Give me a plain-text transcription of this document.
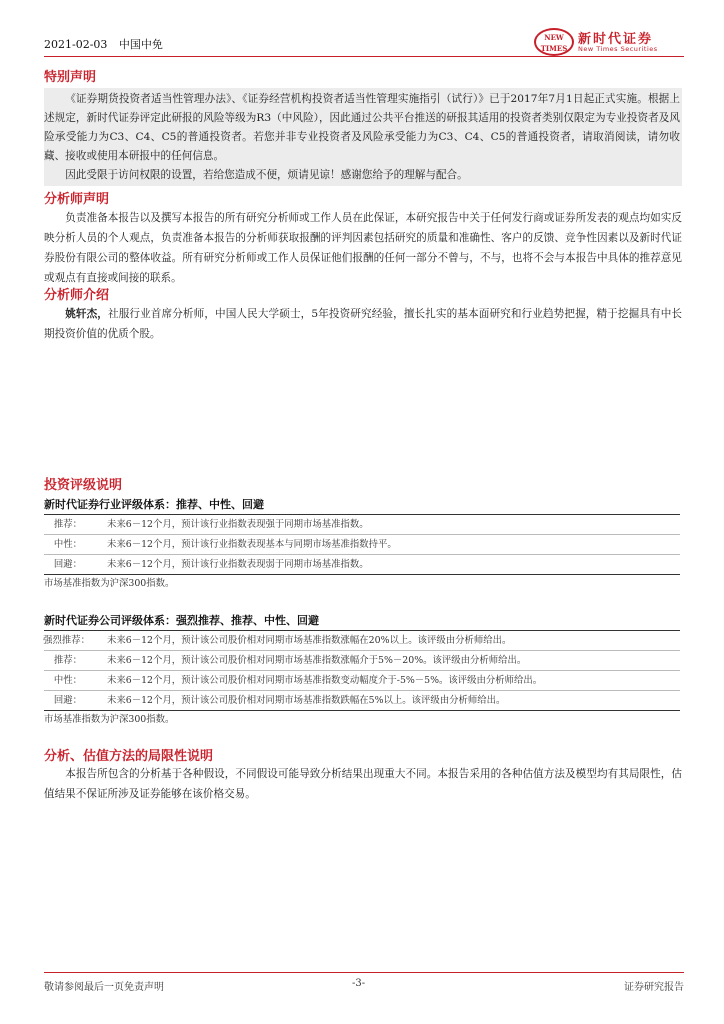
2021-02-03 中国中免
NEW TIMES
新时代证券
New Times Securities
特别声明

《证券期货投资者适当性管理办法》、《证券经营机构投资者适当性管理实施指引（试行）》已于2017年7月1日起正式实施。根据上述规定，新时代证券评定此研报的风险等级为R3（中风险），因此通过公共平台推送的研报其适用的投资者类别仅限定为专业投资者及风险承受能力为C3、C4、C5的普通投资者。若您并非专业投资者及风险承受能力为C3、C4、C5的普通投资者，请取消阅读，请勿收藏、接收或使用本研报中的任何信息。

因此受限于访问权限的设置，若给您造成不便，烦请见谅！感谢您给予的理解与配合。

分析师声明

负责准备本报告以及撰写本报告的所有研究分析师或工作人员在此保证，本研究报告中关于任何发行商或证券所发表的观点均如实反映分析人员的个人观点，负责准备本报告的分析师获取报酬的评判因素包括研究的质量和准确性、客户的反馈、竞争性因素以及新时代证券股份有限公司的整体收益。所有研究分析师或工作人员保证他们报酬的任何一部分不曾与，不与，也将不会与本报告中具体的推荐意见或观点有直接或间接的联系。

分析师介绍

姚轩杰，社服行业首席分析师，中国人民大学硕士，5年投资研究经验，擅长扎实的基本面研究和行业趋势把握，精于挖掘具有中长期投资价值的优质个股。

投资评级说明
新时代证券行业评级体系：推荐、中性、回避
推荐：	未来6－12个月，预计该行业指数表现强于同期市场基准指数。
中性：	未来6－12个月，预计该行业指数表现基本与同期市场基准指数持平。
回避：	未来6－12个月，预计该行业指数表现弱于同期市场基准指数。
市场基准指数为沪深300指数。
新时代证券公司评级体系：强烈推荐、推荐、中性、回避
强烈推荐： 未来6－12个月，预计该公司股价相对同期市场基准指数涨幅在20%以上。该评级由分析师给出。
推荐：	未来6－12个月，预计该公司股价相对同期市场基准指数涨幅介于5%－20%。该评级由分析师给出。
中性：	未来6－12个月，预计该公司股价相对同期市场基准指数变动幅度介于-5%－5%。该评级由分析师给出。
回避：	未来6－12个月，预计该公司股价相对同期市场基准指数跌幅在5%以上。该评级由分析师给出。
市场基准指数为沪深300指数。
分析、估值方法的局限性说明

本报告所包含的分析基于各种假设，不同假设可能导致分析结果出现重大不同。本报告采用的各种估值方法及模型均有其局限性，估值结果不保证所涉及证券能够在该价格交易。

敬请参阅最后一页免责声明	-3-	证券研究报告
